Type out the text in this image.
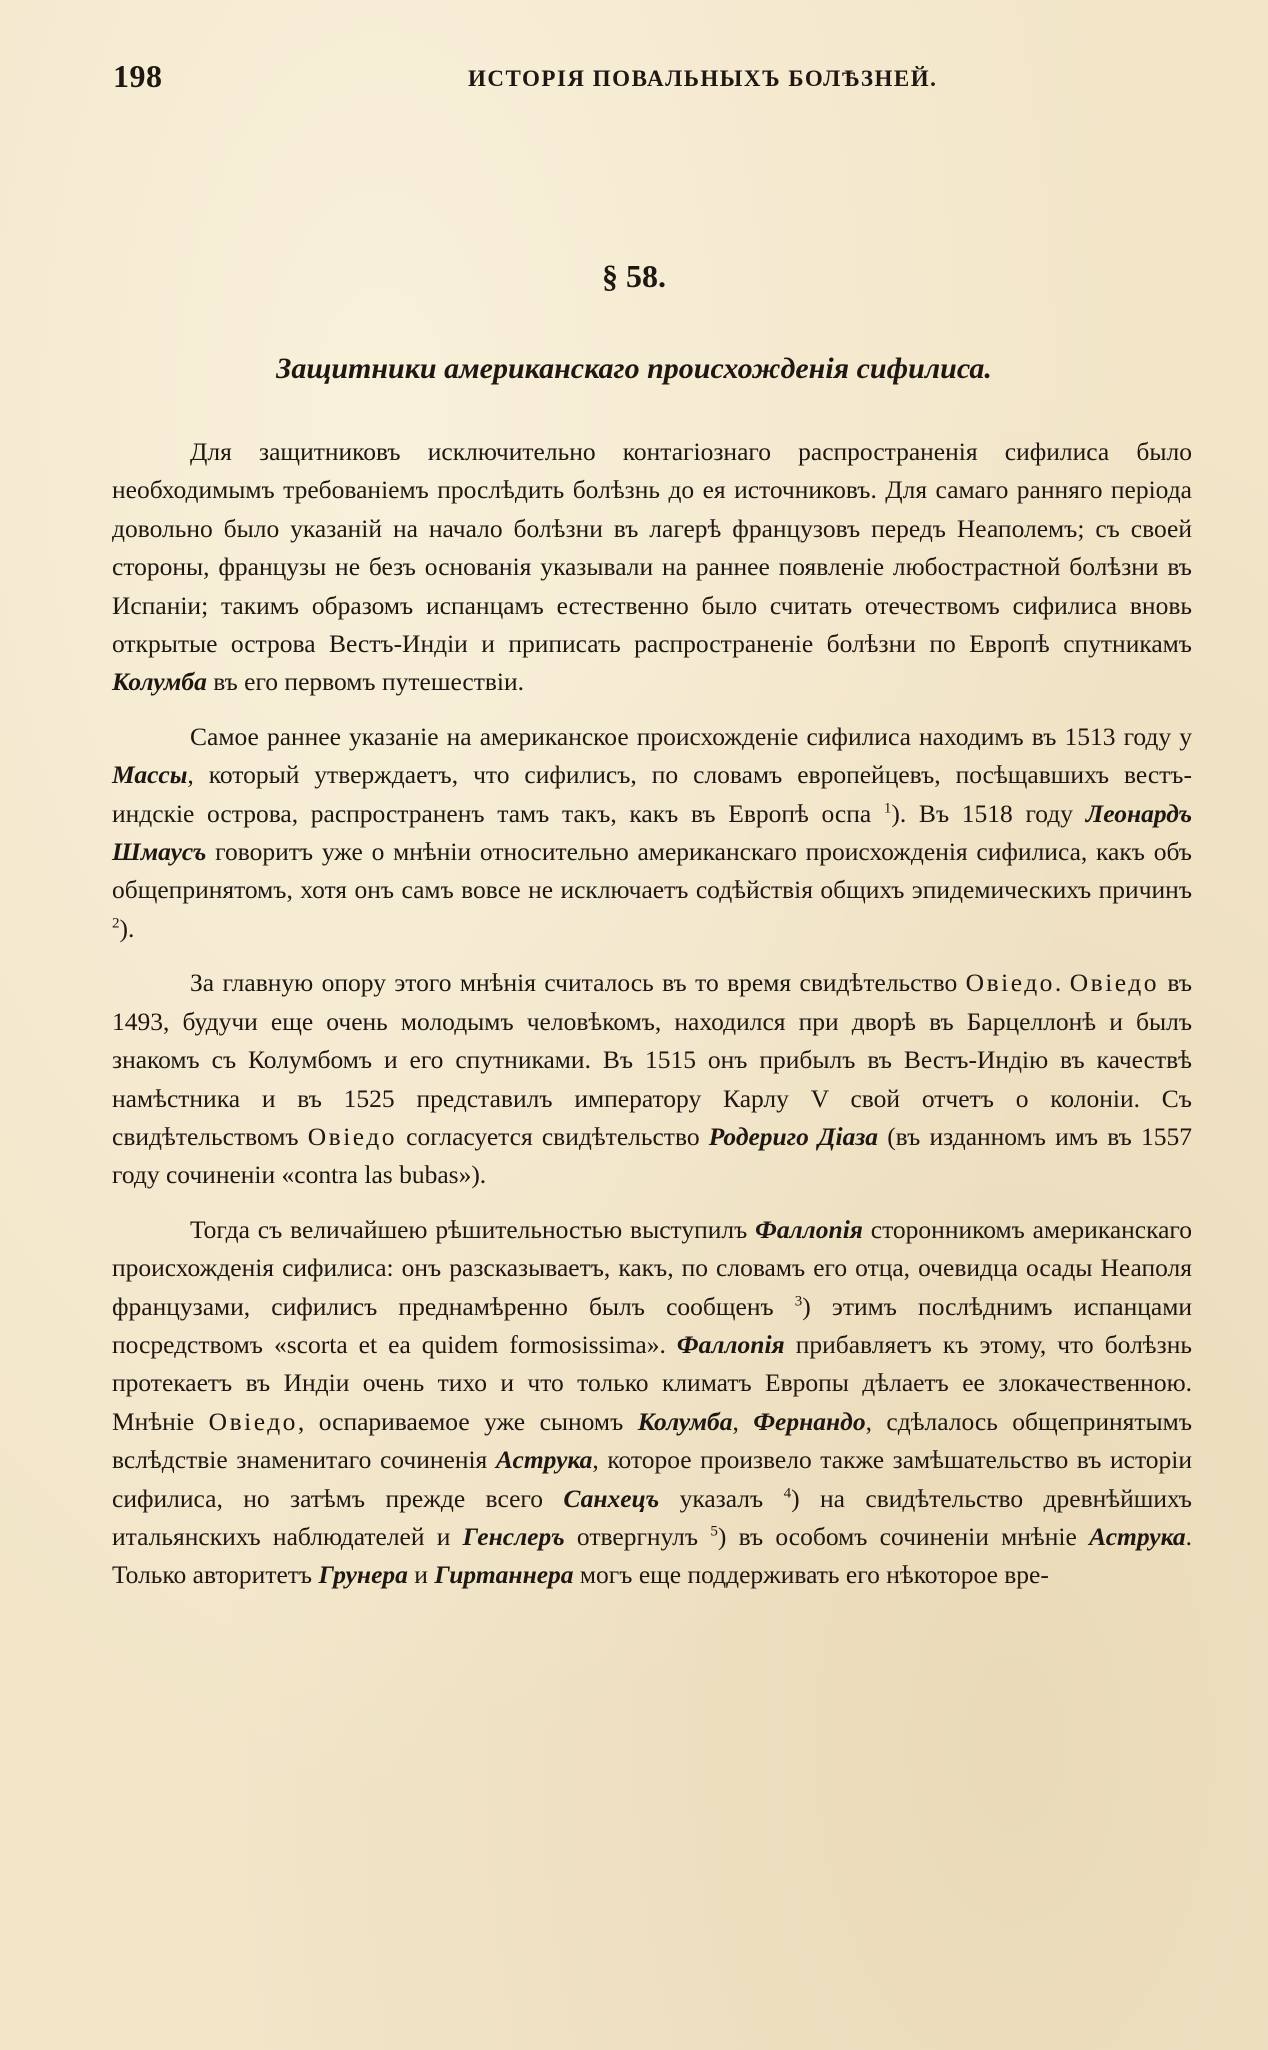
198	ИСТОРІЯ ПОВАЛЬНЫХЪ БОЛѢЗНЕЙ.
§ 58.
Защитники американскаго происхожденія сифилиса.

Для защитниковъ исключительно контагіознаго распространенія сифилиса было необходимымъ требованіемъ прослѣдить болѣзнь до ея источниковъ. Для самаго ранняго періода довольно было указаній на начало болѣзни въ лагерѣ французовъ передъ Неаполемъ; съ своей стороны, французы не безъ основанія указывали на раннее появленіе любострастной болѣзни въ Испаніи; такимъ образомъ испанцамъ естественно было считать отечествомъ сифилиса вновь открытые острова Вестъ-Индіи и приписать распространеніе болѣзни по Европѣ спутникамъ Колумба въ его первомъ путешествіи.

Самое раннее указаніе на американское происхожденіе сифилиса находимъ въ 1513 году у Массы, который утверждаетъ, что сифилисъ, по словамъ европейцевъ, посѣщавшихъ вестъ-индскіе острова, распространенъ тамъ такъ, какъ въ Европѣ оспа $^1$). Въ 1518 году Леонардъ Шмаусъ говоритъ уже о мнѣніи относительно американскаго происхожденія сифилиса, какъ объ общепринятомъ, хотя онъ самъ вовсе не исключаетъ содѣйствія общихъ эпидемическихъ причинъ $^2$).

За главную опору этого мнѣнія считалось въ то время свидѣтельство Овіедо. Овіедо въ 1493, будучи еще очень молодымъ человѣкомъ, находился при дворѣ въ Барцеллонѣ и былъ знакомъ съ Колумбомъ и его спутниками. Въ 1515 онъ прибылъ въ Вестъ-Индію въ качествѣ намѣстника и въ 1525 представилъ императору Карлу V свой отчетъ о колоніи. Съ свидѣтельствомъ Овіедо согласуется свидѣтельство Родериго Діаза (въ изданномъ имъ въ 1557 году сочиненіи «contra las bubas»).

Тогда съ величайшею рѣшительностью выступилъ Фаллопія сторонникомъ американскаго происхожденія сифилиса: онъ разсказываетъ, какъ, по словамъ его отца, очевидца осады Неаполя французами, сифилисъ преднамѣренно былъ сообщенъ $^3$) этимъ послѣднимъ испанцами посредствомъ «scorta et ea quidem formosissima». Фаллопія прибавляетъ къ этому, что болѣзнь протекаетъ въ Индіи очень тихо и что только климатъ Европы дѣлаетъ ее злокачественною. Мнѣніе Овіедо, оспариваемое уже сыномъ Колумба, Фернандо, сдѣлалось общепринятымъ вслѣдствіе знаменитаго сочиненія Аструка, которое произвело также замѣшательство въ исторіи сифилиса, но затѣмъ прежде всего Санхецъ указалъ $^4$) на свидѣтельство древнѣйшихъ итальянскихъ наблюдателей и Генслеръ отвергнулъ $^5$) въ особомъ сочиненіи мнѣніе Аструка. Только авторитетъ Грунера и Гиртаннера могъ еще поддерживать его нѣкоторое вре-
